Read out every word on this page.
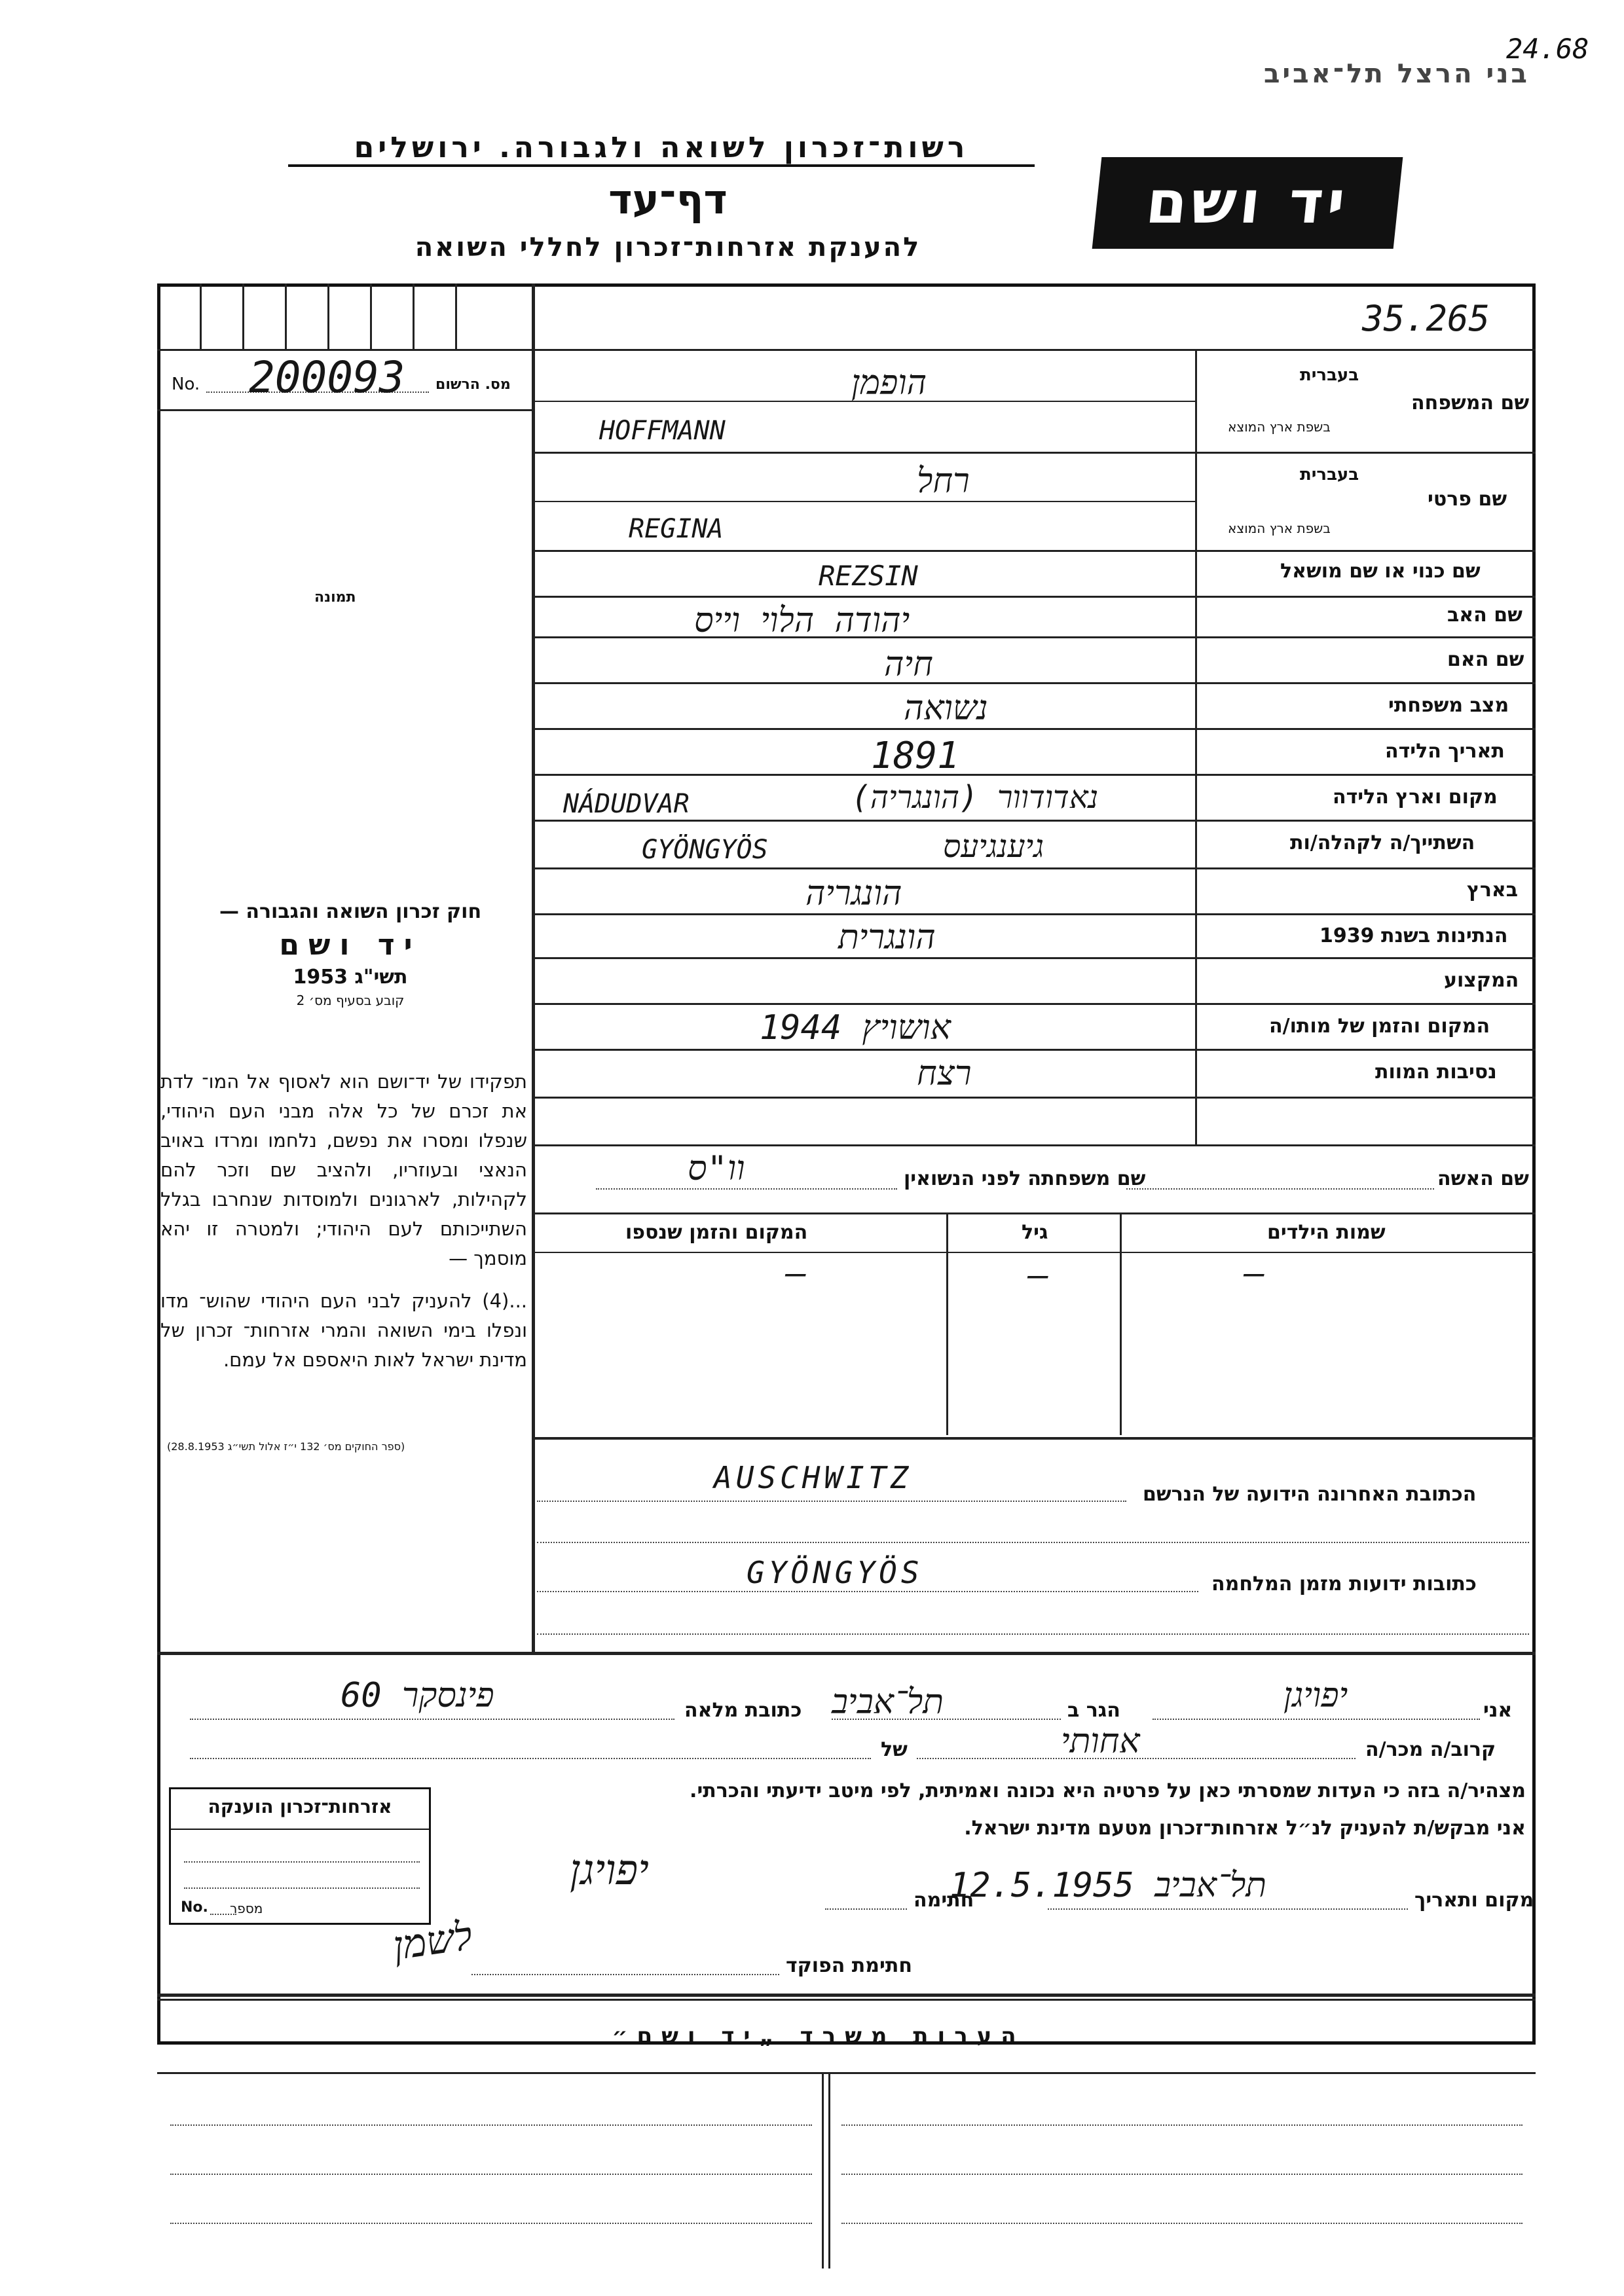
בני הרצל תל־אביב
24.68
רשות־זכרון לשואה ולגבורה. ירושלים
דף־עד
להענקת אזרחות־זכרון לחללי השואה
יד ושם
35.265
No. 200093 מס. הרשום
תמונה
חוק זכרון השואה והגבורה —
יד ושם
תשי"ג 1953
קובע בסעיף מס׳ 2
תפקידו של יד־ושם הוא לאסוף אל המו־ לדת את זכרם של כל אלה מבני העם היהודי, שנפלו ומסרו את נפשם, נלחמו ומרדו באויב הנאצי ובעוזריו, ולהציב שם וזכר להם לקהילות, לארגונים ולמוסדות שנחרבו בגלל השתייכותם לעם היהודי; ולמטרה זו יהא מוסמך —
...(4) להעניק לבני העם היהודי שהוש־ מדו ונפלו בימי השואה והמרי אזרחות־ זכרון של מדינת ישראל לאות היאספם אל עמם.
(ספר החוקים מס׳ 132 י״ז אלול תשי״ג 28.8.1953)
שם המשפחה
בעברית
בשפת ארץ המוצא
הופמן
HOFFMANN
שם פרטי
בעברית
בשפת ארץ המוצא
רחל
REGINA
שם כנוי או שם מושאל
REZSIN
שם האב
יהודה הלוי וייס
שם האם
חיה
מצב משפחתי
נשואה
תאריך הלידה
1891
מקום וארץ הלידה
NÁDUDVAR	נאדודוור (הונגריה)
השתייך/ה לקהלה/ות
GYÖNGYÖS	גיענגיעס
בארץ
הונגריה
הנתינות בשנת 1939
הונגרית
המקצוע
המקום והזמן של מותו/ה
אושויץ 1944
נסיבות המוות
רצח
שם האשה
שם משפחתה לפני הנשואין
וו"ס
שמות הילדים
גיל
המקום והזמן שנספו
—
—
—
הכתובת האחרונה הידועה של הנרשם
AUSCHWITZ
כתובות ידועות מזמן המלחמה
GYÖNGYÖS
אני
יפויגן
הגר ב
תל־אביב
כתובת מלאה
פינסקר 60
קרוב/ה מכר/ה
אחותי
של
מצהיר/ה בזה כי העדות שמסרתי כאן על פרטיה היא נכונה ואמיתית, לפי מיטב ידיעתי והכרתי.
אני מבקש/ת להעניק לנ״ל אזרחות־זכרון מטעם מדינת ישראל.
מקום ותאריך
תל־אביב 12.5.1955
חתימה
יפויגן
חתימת הפוקד
לשמן
אזרחות־זכרון הוענקה
No. מספר
הערות משרד „יד ושם״
